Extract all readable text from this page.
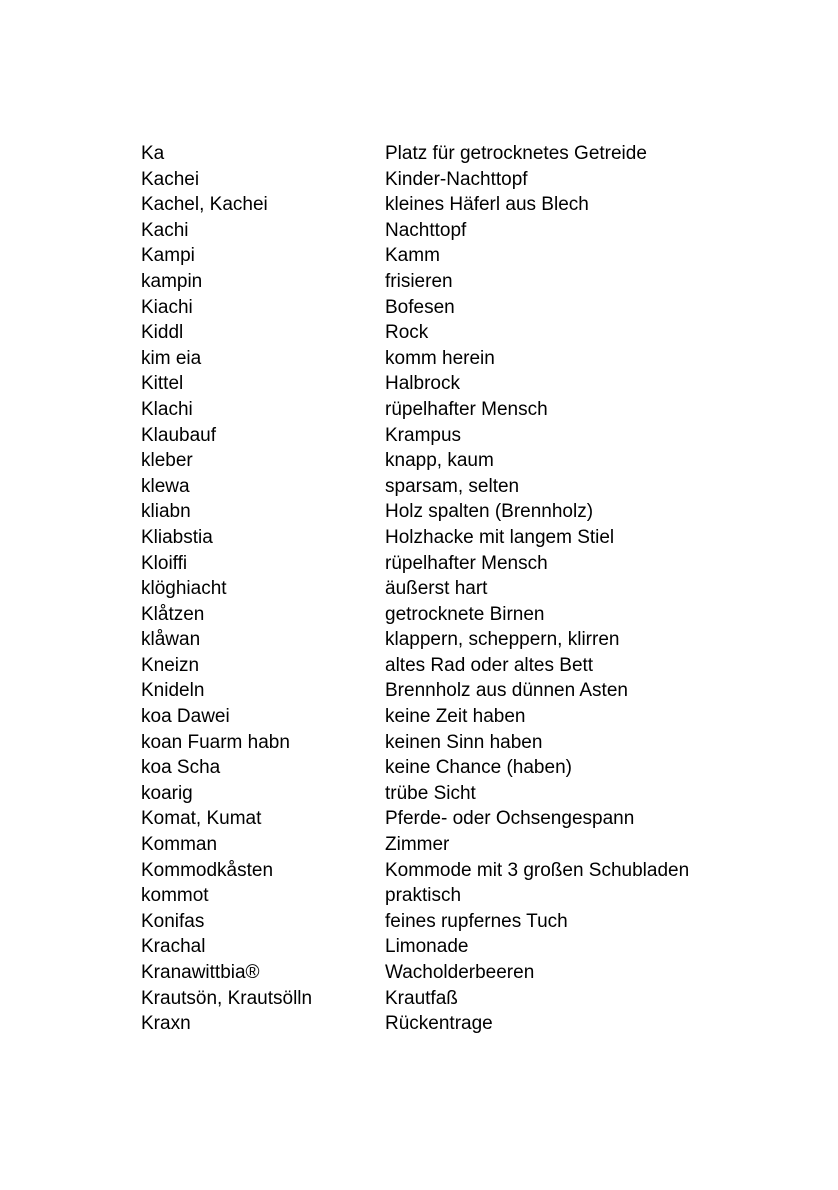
Ka	Platz für getrocknetes Getreide
Kachei	Kinder-Nachttopf
Kachel, Kachei	kleines Häferl aus Blech
Kachi	Nachttopf
Kampi	Kamm
kampin	frisieren
Kiachi	Bofesen
Kiddl	Rock
kim eia	komm herein
Kittel	Halbrock
Klachi	rüpelhafter Mensch
Klaubauf	Krampus
kleber	knapp, kaum
klewa	sparsam, selten
kliabn	Holz spalten (Brennholz)
Kliabstia	Holzhacke mit langem Stiel
Kloiffi	rüpelhafter Mensch
klöghiacht	äußerst hart
Klåtzen	getrocknete Birnen
klåwan	klappern, scheppern, klirren
Kneizn	altes Rad oder altes Bett
Knideln	Brennholz aus dünnen Asten
koa Dawei	keine Zeit haben
koan Fuarm habn	keinen Sinn haben
koa Scha	keine Chance (haben)
koarig	trübe Sicht
Komat, Kumat	Pferde- oder Ochsengespann
Komman	Zimmer
Kommodkåsten	Kommode mit 3 großen Schubladen
kommot	praktisch
Konifas	feines rupfernes Tuch
Krachal	Limonade
Kranawittbia®	Wacholderbeeren
Krautsön, Krautsölln	Krautfaß
Kraxn	Rückentrage
